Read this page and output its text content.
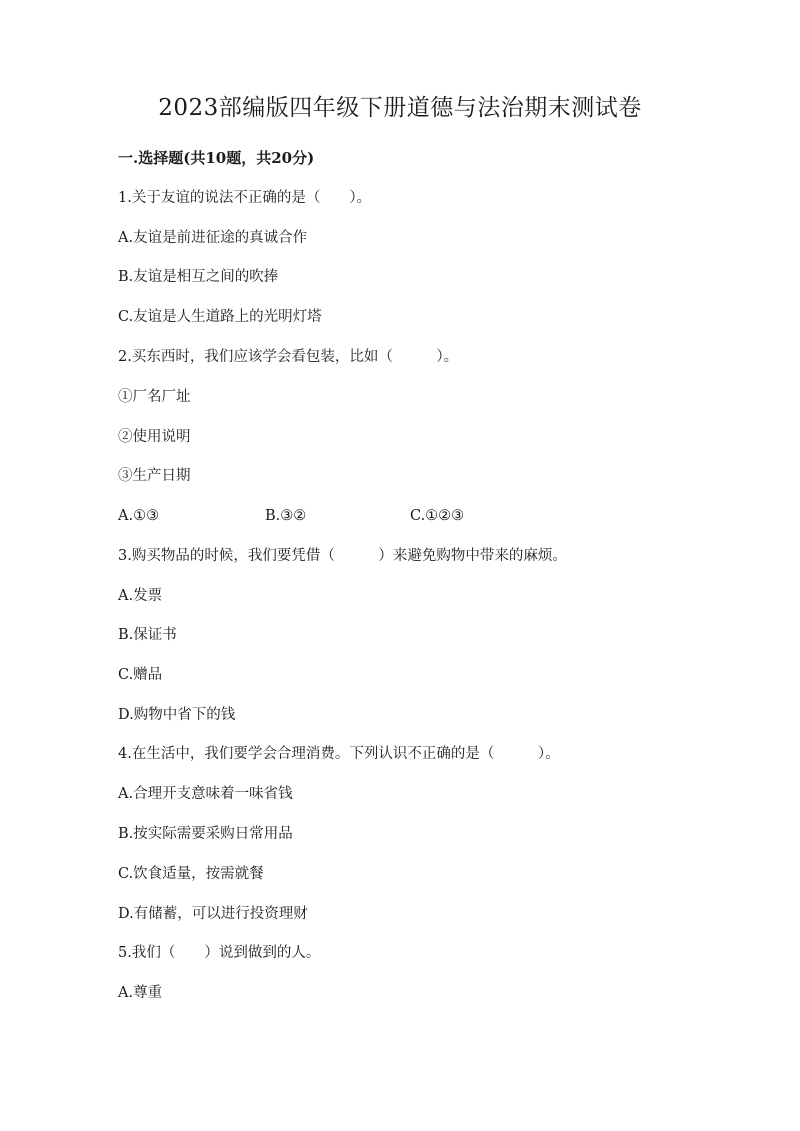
2023部编版四年级下册道德与法治期末测试卷
一.选择题(共10题，共20分)

1.关于友谊的说法不正确的是（　　）。

A.友谊是前进征途的真诚合作

B.友谊是相互之间的吹捧

C.友谊是人生道路上的光明灯塔

2.买东西时，我们应该学会看包装，比如（　　　）。

①厂名厂址

②使用说明

③生产日期

A.①③	B.③②	C.①②③

3.购买物品的时候，我们要凭借（　　　）来避免购物中带来的麻烦。

A.发票

B.保证书

C.赠品

D.购物中省下的钱

4.在生活中，我们要学会合理消费。下列认识不正确的是（　　　）。

A.合理开支意味着一味省钱

B.按实际需要采购日常用品

C.饮食适量，按需就餐

D.有储蓄，可以进行投资理财

5.我们（　　）说到做到的人。

A.尊重
